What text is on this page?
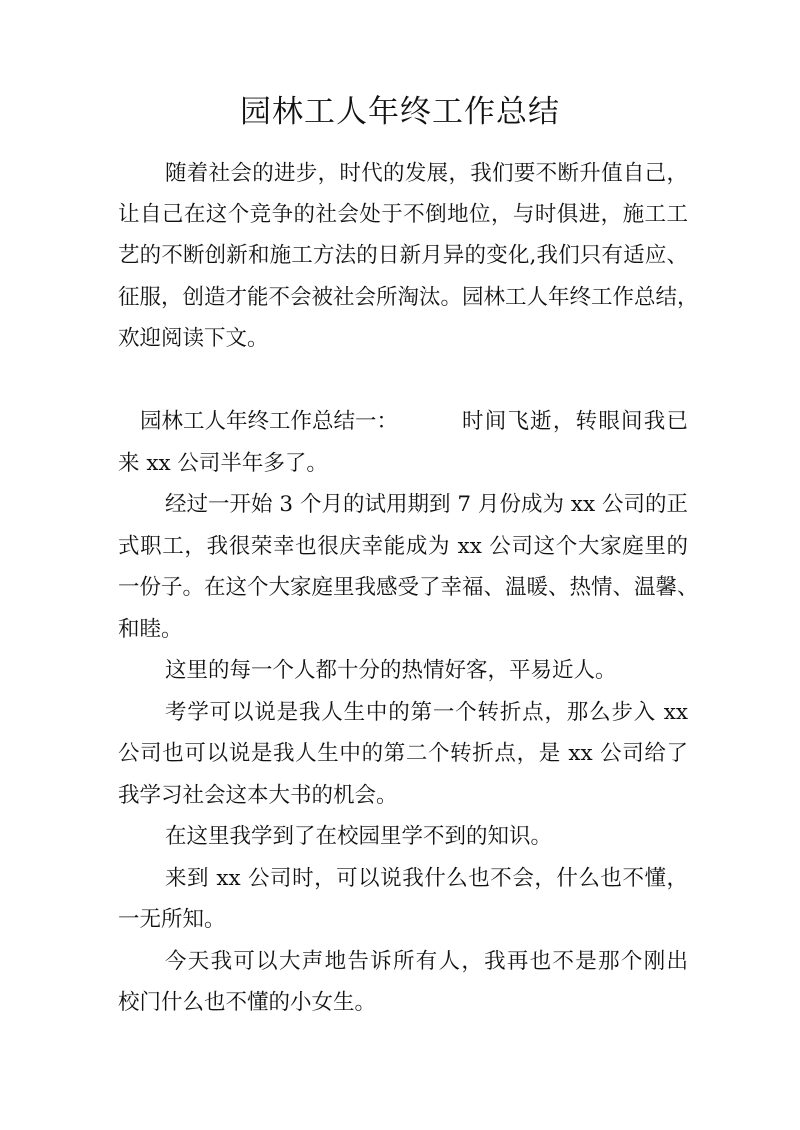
园林工人年终工作总结

随着社会的进步，时代的发展，我们要不断升值自己，

让自己在这个竞争的社会处于不倒地位，与时俱进，施工工

艺的不断创新和施工方法的日新月异的变化,我们只有适应、

征服，创造才能不会被社会所淘汰。园林工人年终工作总结，

欢迎阅读下文。

园林工人年终工作总结一：	时间飞逝，转眼间我已

来 xx 公司半年多了。

经过一开始 3 个月的试用期到 7 月份成为 xx 公司的正

式职工，我很荣幸也很庆幸能成为 xx 公司这个大家庭里的

一份子。在这个大家庭里我感受了幸福、温暖、热情、温馨、

和睦。

这里的每一个人都十分的热情好客，平易近人。

考学可以说是我人生中的第一个转折点，那么步入 xx

公司也可以说是我人生中的第二个转折点，是 xx 公司给了

我学习社会这本大书的机会。

在这里我学到了在校园里学不到的知识。

来到 xx 公司时，可以说我什么也不会，什么也不懂，

一无所知。

今天我可以大声地告诉所有人，我再也不是那个刚出

校门什么也不懂的小女生。
